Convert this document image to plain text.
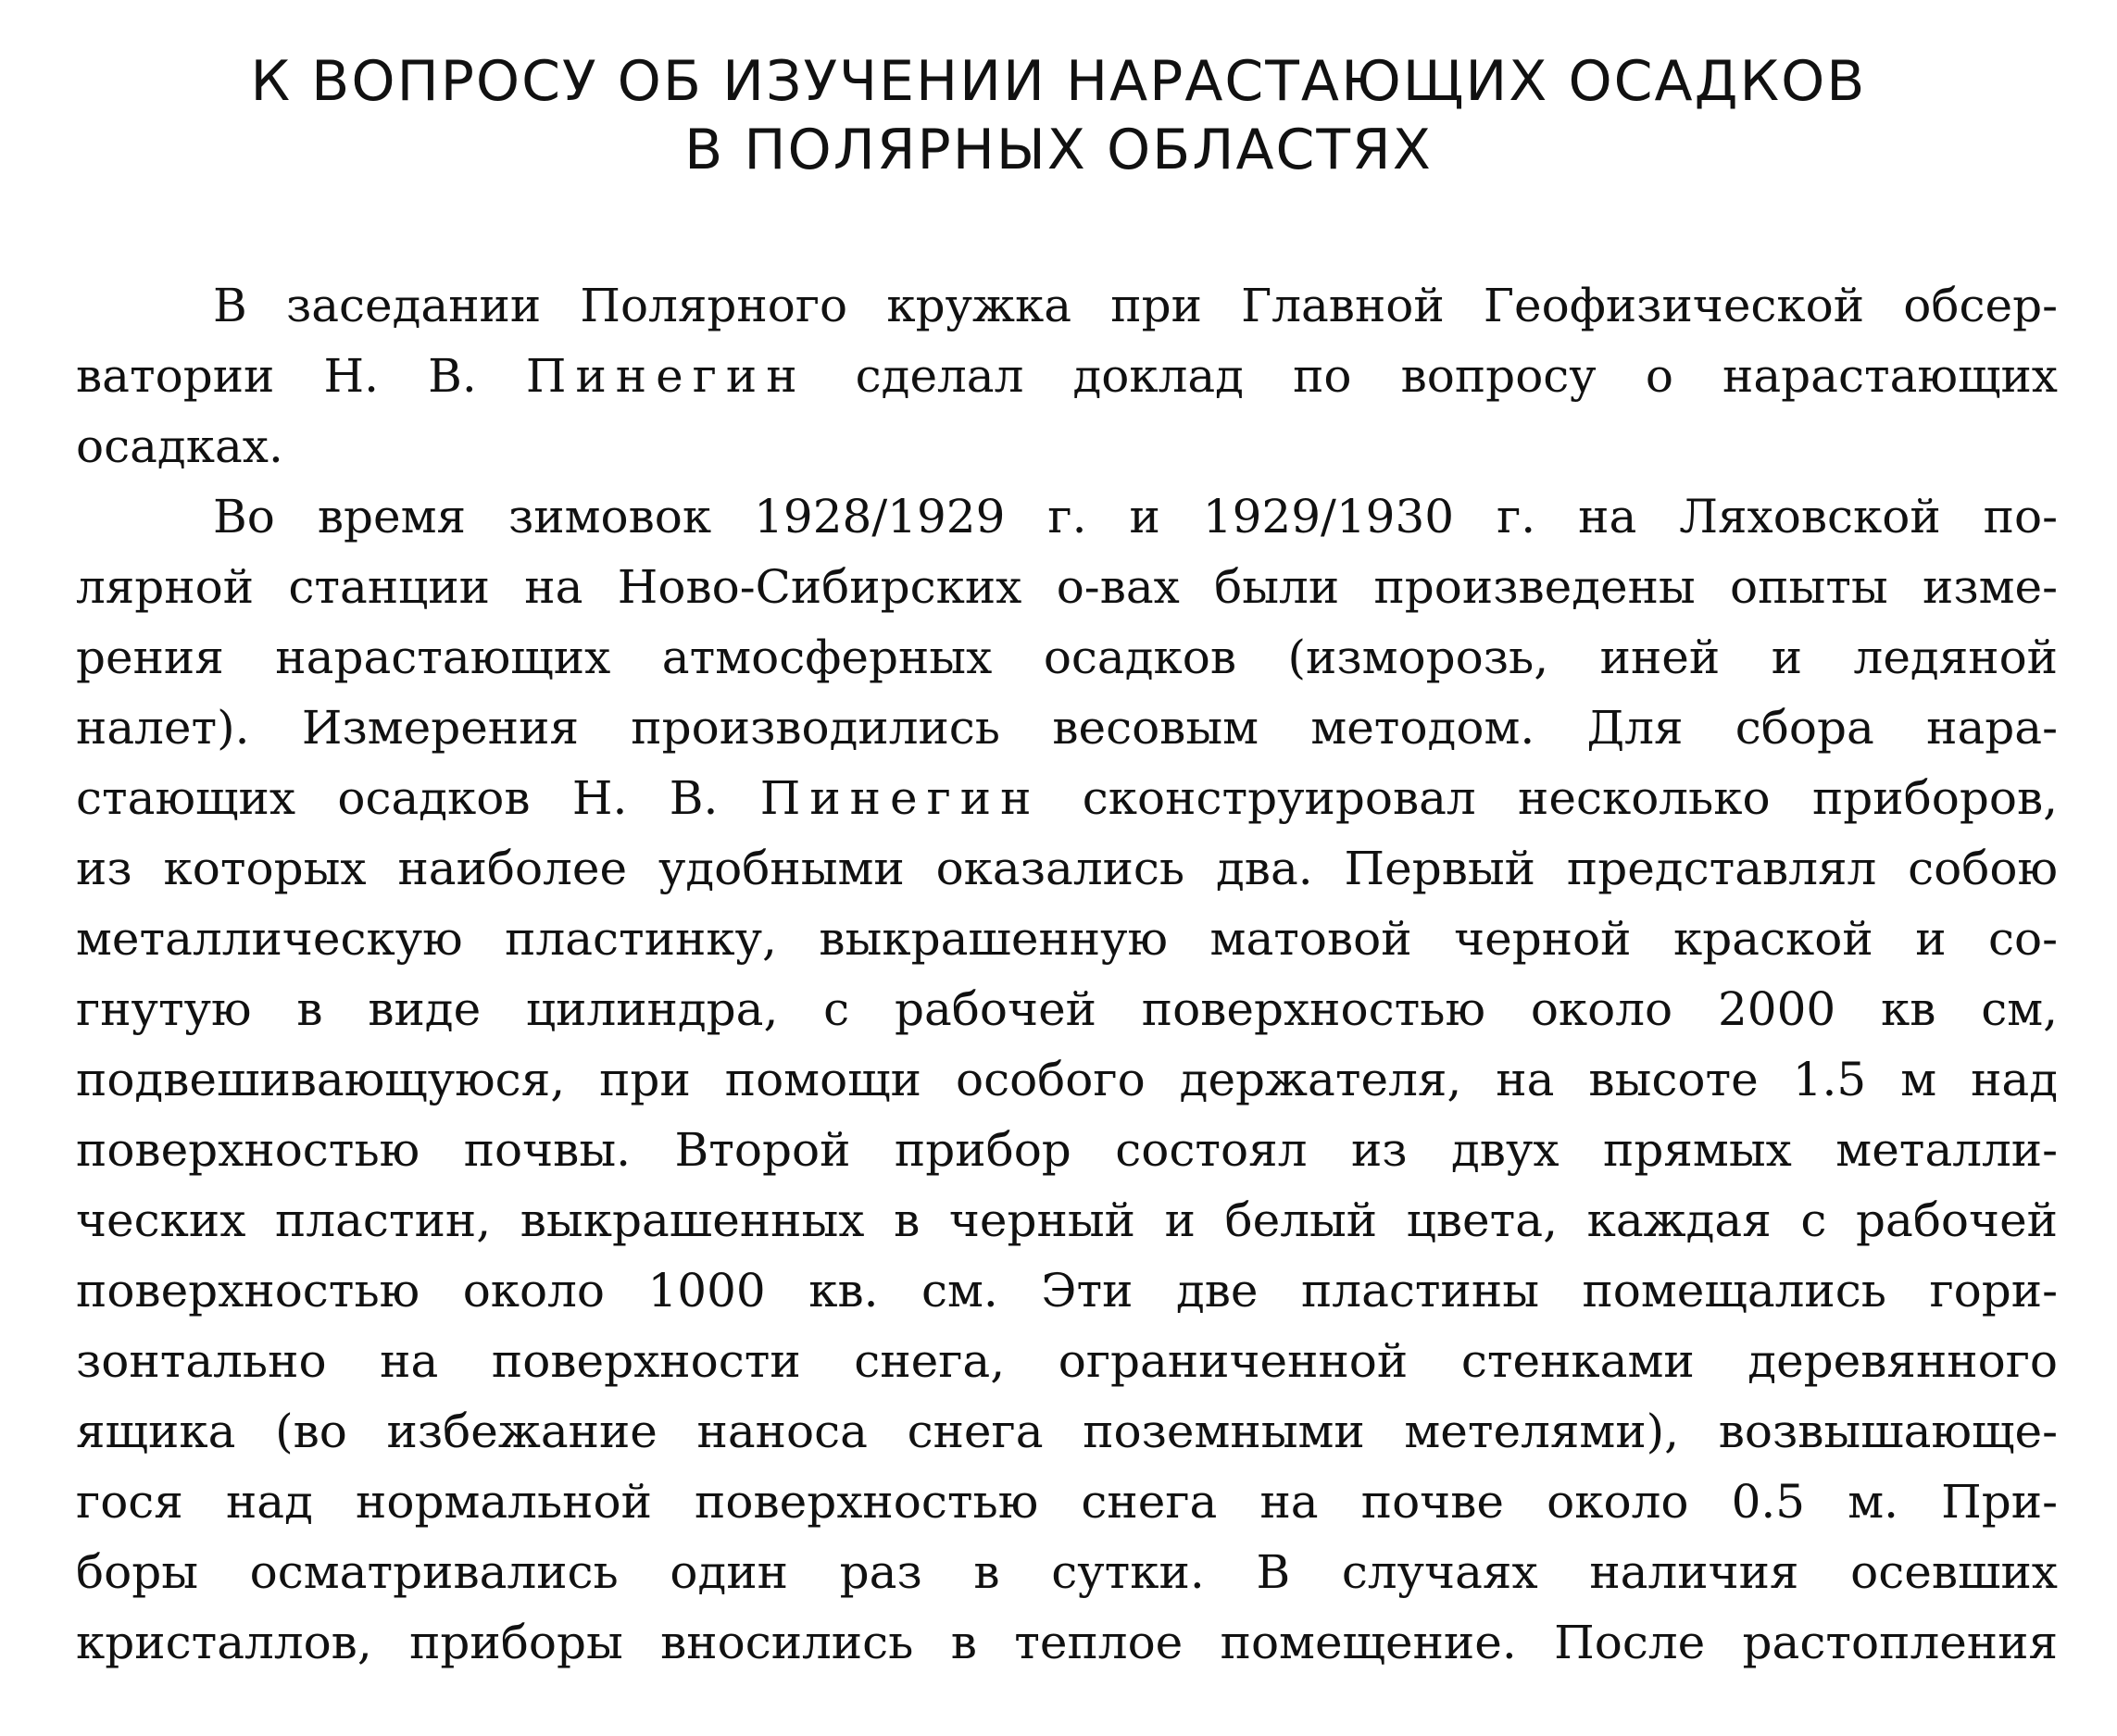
К ВОПРОСУ ОБ ИЗУЧЕНИИ НАРАСТАЮЩИХ ОСАДКОВ
В ПОЛЯРНЫХ ОБЛАСТЯХ
В заседании Полярного кружка при Главной Геофизической обсер-
ватории Н. В. Пинегин сделал доклад по вопросу о нарастающих
осадках.
Во время зимовок 1928/1929 г. и 1929/1930 г. на Ляховской по-
лярной станции на Ново-Сибирских о-вах были произведены опыты изме-
рения нарастающих атмосферных осадков (изморозь, иней и ледяной
налет). Измерения производились весовым методом. Для сбора нара-
стающих осадков Н. В. Пинегин сконструировал несколько приборов,
из которых наиболее удобными оказались два. Первый представлял собою
металлическую пластинку, выкрашенную матовой черной краской и со-
гнутую в виде цилиндра, с рабочей поверхностью около 2000 кв см,
подвешивающуюся, при помощи особого держателя, на высоте 1.5 м над
поверхностью почвы. Второй прибор состоял из двух прямых металли-
ческих пластин, выкрашенных в черный и белый цвета, каждая с рабочей
поверхностью около 1000 кв. см. Эти две пластины помещались гори-
зонтально на поверхности снега, ограниченной стенками деревянного
ящика (во избежание наноса снега поземными метелями), возвышающе-
гося над нормальной поверхностью снега на почве около 0.5 м. При-
боры осматривались один раз в сутки. В случаях наличия осевших
кристаллов, приборы вносились в теплое помещение. После растопления
